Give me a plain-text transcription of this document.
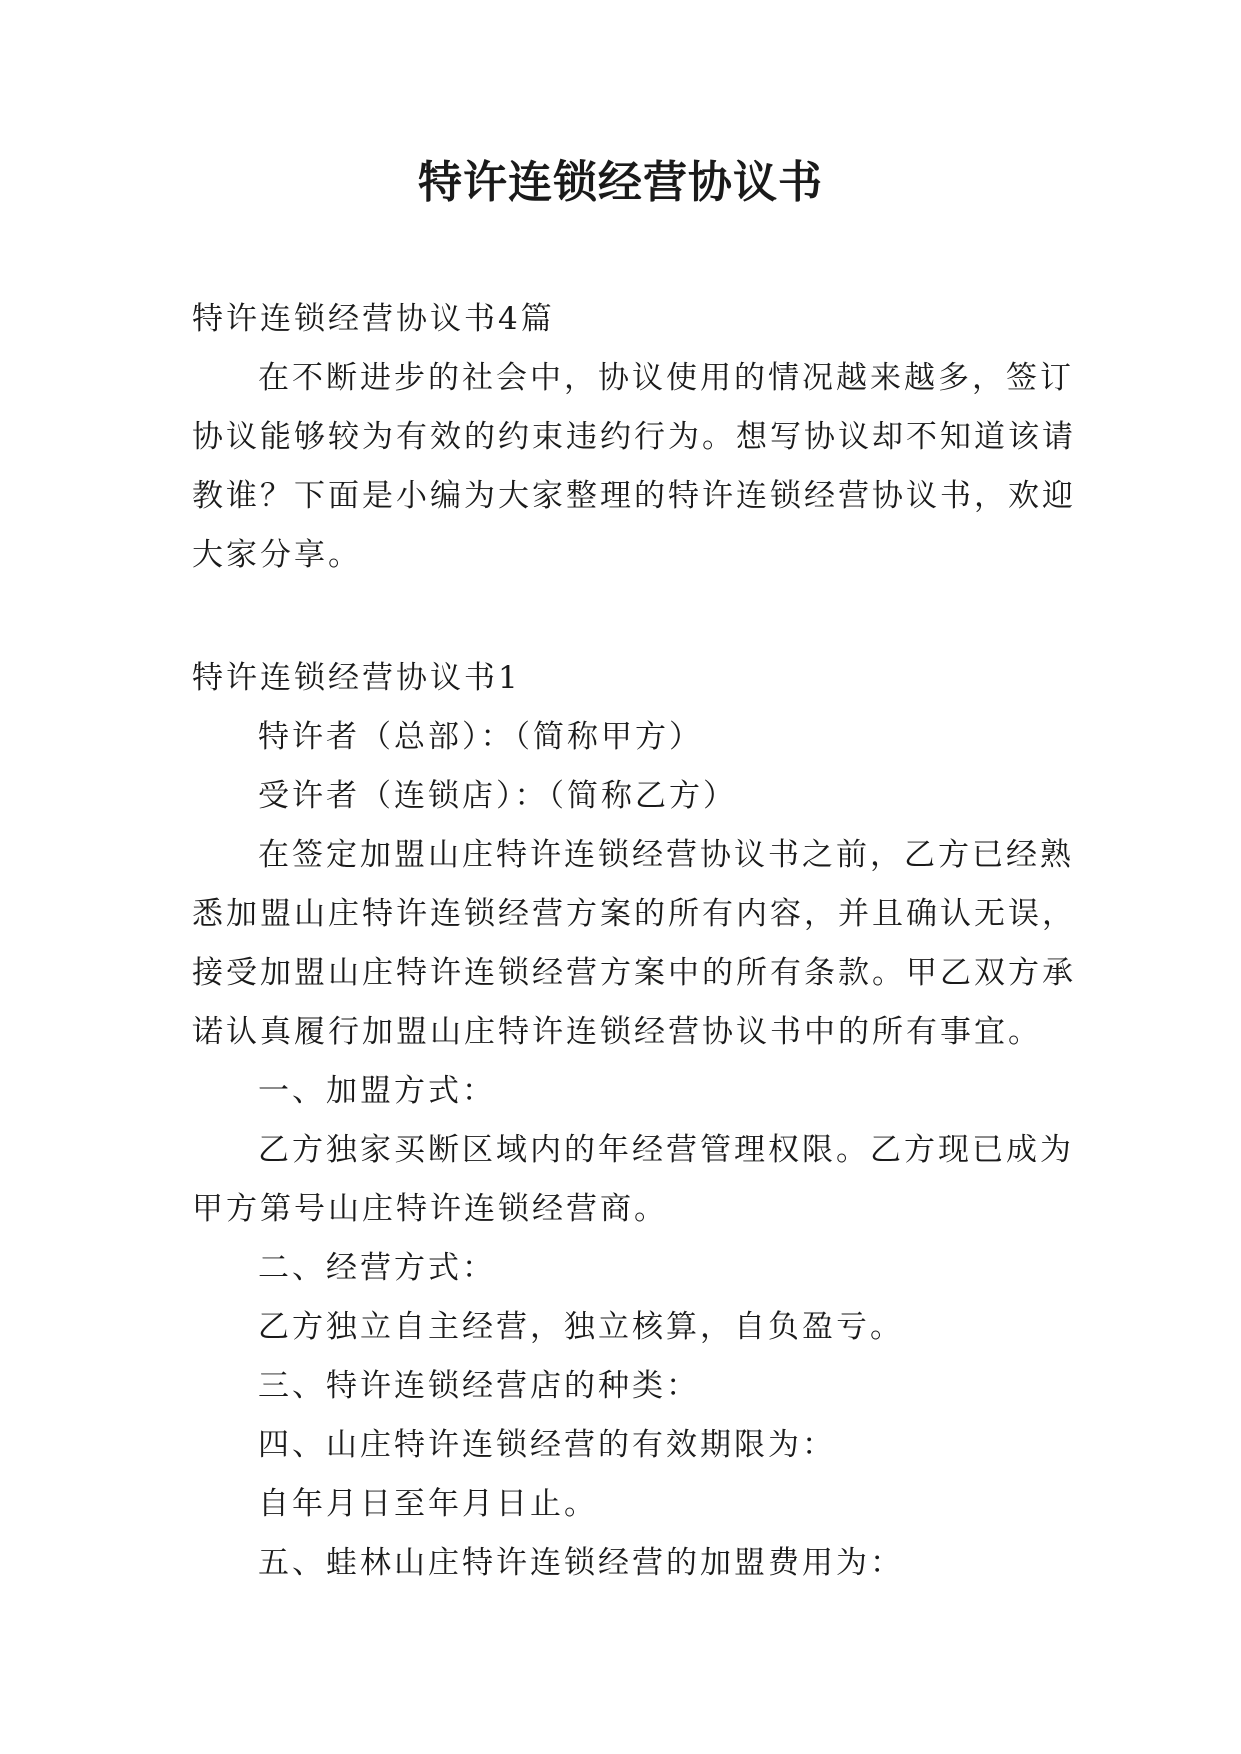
特许连锁经营协议书
特许连锁经营协议书4篇
在不断进步的社会中，协议使用的情况越来越多，签订
协议能够较为有效的约束违约行为。想写协议却不知道该请
教谁？下面是小编为大家整理的特许连锁经营协议书，欢迎
大家分享。
特许连锁经营协议书1
特许者（总部）：（简称甲方）
受许者（连锁店）：（简称乙方）
在签定加盟山庄特许连锁经营协议书之前，乙方已经熟
悉加盟山庄特许连锁经营方案的所有内容，并且确认无误，
接受加盟山庄特许连锁经营方案中的所有条款。甲乙双方承
诺认真履行加盟山庄特许连锁经营协议书中的所有事宜。
一、加盟方式：
乙方独家买断区域内的年经营管理权限。乙方现已成为
甲方第号山庄特许连锁经营商。
二、经营方式：
乙方独立自主经营，独立核算，自负盈亏。
三、特许连锁经营店的种类：
四、山庄特许连锁经营的有效期限为：
自年月日至年月日止。
五、蛙林山庄特许连锁经营的加盟费用为：
